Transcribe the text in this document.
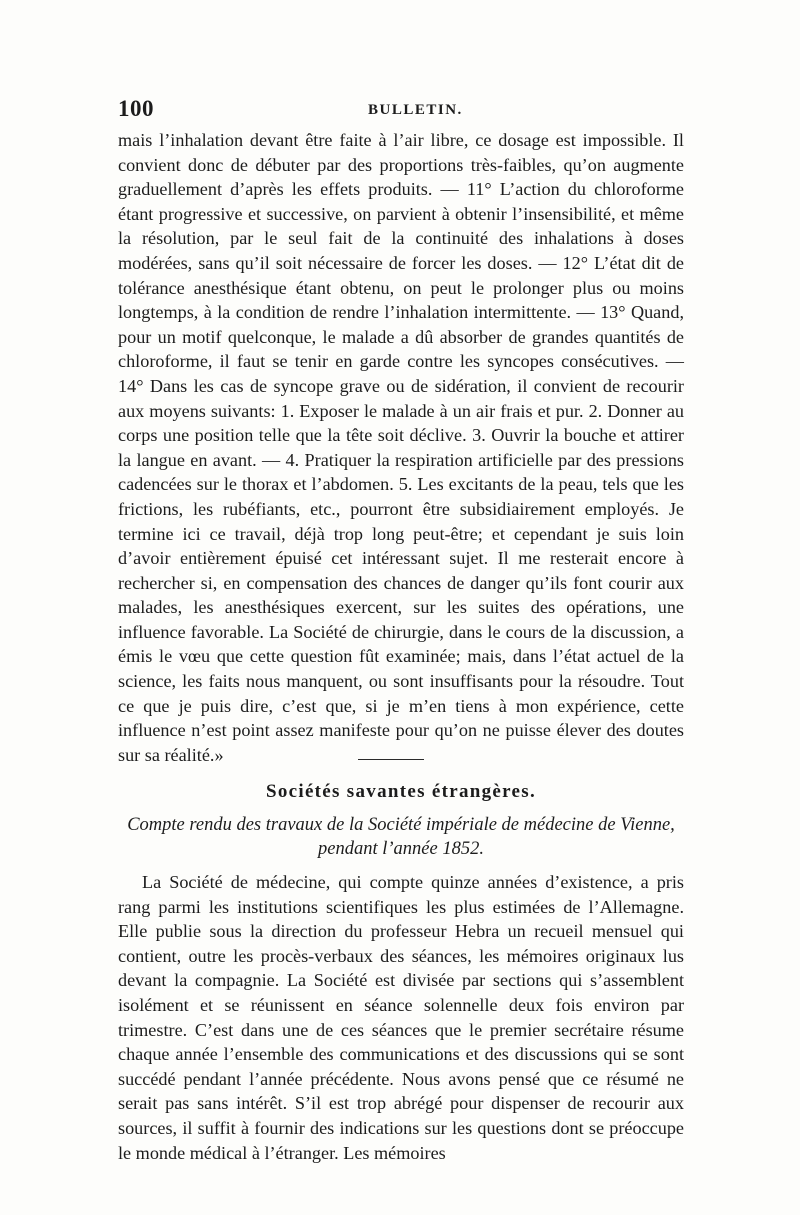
100	BULLETIN.

mais l’inhalation devant être faite à l’air libre, ce dosage est impossible. Il convient donc de débuter par des proportions très-faibles, qu’on augmente graduellement d’après les effets produits. — 11° L’action du chloroforme étant progressive et successive, on parvient à obtenir l’insensibilité, et même la résolution, par le seul fait de la continuité des inhalations à doses modérées, sans qu’il soit nécessaire de forcer les doses. — 12° L’état dit de tolérance anesthésique étant obtenu, on peut le prolonger plus ou moins longtemps, à la condition de rendre l’inhalation intermittente. — 13° Quand, pour un motif quelconque, le malade a dû absorber de grandes quantités de chloroforme, il faut se tenir en garde contre les syncopes consécutives. — 14° Dans les cas de syncope grave ou de sidération, il convient de recourir aux moyens suivants: 1. Exposer le malade à un air frais et pur. 2. Donner au corps une position telle que la tête soit déclive. 3. Ouvrir la bouche et attirer la langue en avant. — 4. Pratiquer la respiration artificielle par des pressions cadencées sur le thorax et l’abdomen. 5. Les excitants de la peau, tels que les frictions, les rubéfiants, etc., pourront être subsidiairement employés. Je termine ici ce travail, déjà trop long peut-être; et cependant je suis loin d’avoir entièrement épuisé cet intéressant sujet. Il me resterait encore à rechercher si, en compensation des chances de danger qu’ils font courir aux malades, les anesthésiques exercent, sur les suites des opérations, une influence favorable. La Société de chirurgie, dans le cours de la discussion, a émis le vœu que cette question fût examinée; mais, dans l’état actuel de la science, les faits nous manquent, ou sont insuffisants pour la résoudre. Tout ce que je puis dire, c’est que, si je m’en tiens à mon expérience, cette influence n’est point assez manifeste pour qu’on ne puisse élever des doutes sur sa réalité.»

Sociétés savantes étrangères.

Compte rendu des travaux de la Société impériale de médecine de Vienne, pendant l’année 1852.

La Société de médecine, qui compte quinze années d’existence, a pris rang parmi les institutions scientifiques les plus estimées de l’Allemagne. Elle publie sous la direction du professeur Hebra un recueil mensuel qui contient, outre les procès-verbaux des séances, les mémoires originaux lus devant la compagnie. La Société est divisée par sections qui s’assemblent isolément et se réunissent en séance solennelle deux fois environ par trimestre. C’est dans une de ces séances que le premier secrétaire résume chaque année l’ensemble des communications et des discussions qui se sont succédé pendant l’année précédente. Nous avons pensé que ce résumé ne serait pas sans intérêt. S’il est trop abrégé pour dispenser de recourir aux sources, il suffit à fournir des indications sur les questions dont se préoccupe le monde médical à l’étranger. Les mémoires
